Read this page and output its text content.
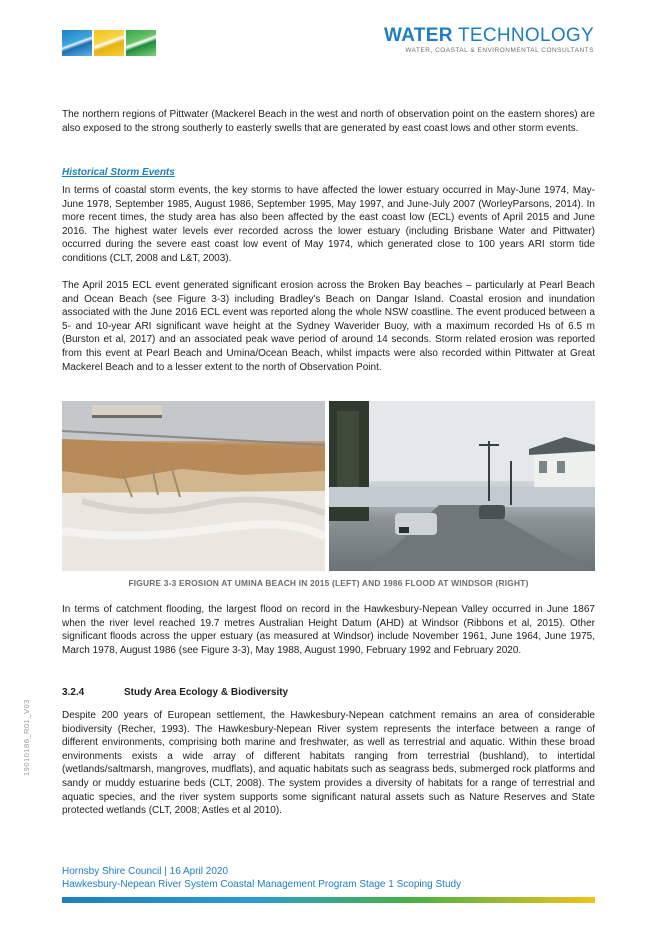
WATER TECHNOLOGY
WATER, COASTAL & ENVIRONMENTAL CONSULTANTS

The northern regions of Pittwater (Mackerel Beach in the west and north of observation point on the eastern shores) are also exposed to the strong southerly to easterly swells that are generated by east coast lows and other storm events.

Historical Storm Events

In terms of coastal storm events, the key storms to have affected the lower estuary occurred in May-June 1974, May-June 1978, September 1985, August 1986, September 1995, May 1997, and June-July 2007 (WorleyParsons, 2014). In more recent times, the study area has also been affected by the east coast low (ECL) events of April 2015 and June 2016. The highest water levels ever recorded across the lower estuary (including Brisbane Water and Pittwater) occurred during the severe east coast low event of May 1974, which generated close to 100 years ARI storm tide conditions (CLT, 2008 and L&T, 2003).

The April 2015 ECL event generated significant erosion across the Broken Bay beaches – particularly at Pearl Beach and Ocean Beach (see Figure 3-3) including Bradley's Beach on Dangar Island. Coastal erosion and inundation associated with the June 2016 ECL event was reported along the whole NSW coastline. The event produced between a 5- and 10-year ARI significant wave height at the Sydney Waverider Buoy, with a maximum recorded Hs of 6.5 m (Burston et al, 2017) and an associated peak wave period of around 14 seconds. Storm related erosion was reported from this event at Pearl Beach and Umina/Ocean Beach, whilst impacts were also recorded within Pittwater at Great Mackerel Beach and to a lesser extent to the north of Observation Point.

FIGURE 3-3 EROSION AT UMINA BEACH IN 2015 (LEFT) AND 1986 FLOOD AT WINDSOR (RIGHT)

In terms of catchment flooding, the largest flood on record in the Hawkesbury-Nepean Valley occurred in June 1867 when the river level reached 19.7 metres Australian Height Datum (AHD) at Windsor (Ribbons et al, 2015). Other significant floods across the upper estuary (as measured at Windsor) include November 1961, June 1964, June 1975, March 1978, August 1986 (see Figure 3-3), May 1988, August 1990, February 1992 and February 2020.

3.2.4	Study Area Ecology & Biodiversity

Despite 200 years of European settlement, the Hawkesbury-Nepean catchment remains an area of considerable biodiversity (Recher, 1993). The Hawkesbury-Nepean River system represents the interface between a range of different environments, comprising both marine and freshwater, as well as terrestrial and aquatic. Within these broad environments exists a wide array of different habitats ranging from terrestrial (bushland), to intertidal (wetlands/saltmarsh, mangroves, mudflats), and aquatic habitats such as seagrass beds, submerged rock platforms and sandy or muddy estuarine beds (CLT, 2008). The system provides a diversity of habitats for a range of terrestrial and aquatic species, and the river system supports some significant natural assets such as Nature Reserves and State protected wetlands (CLT, 2008; Astles et al 2010).

19010186_R01_V03
Hornsby Shire Council | 16 April 2020
Hawkesbury-Nepean River System Coastal Management Program Stage 1 Scoping Study
